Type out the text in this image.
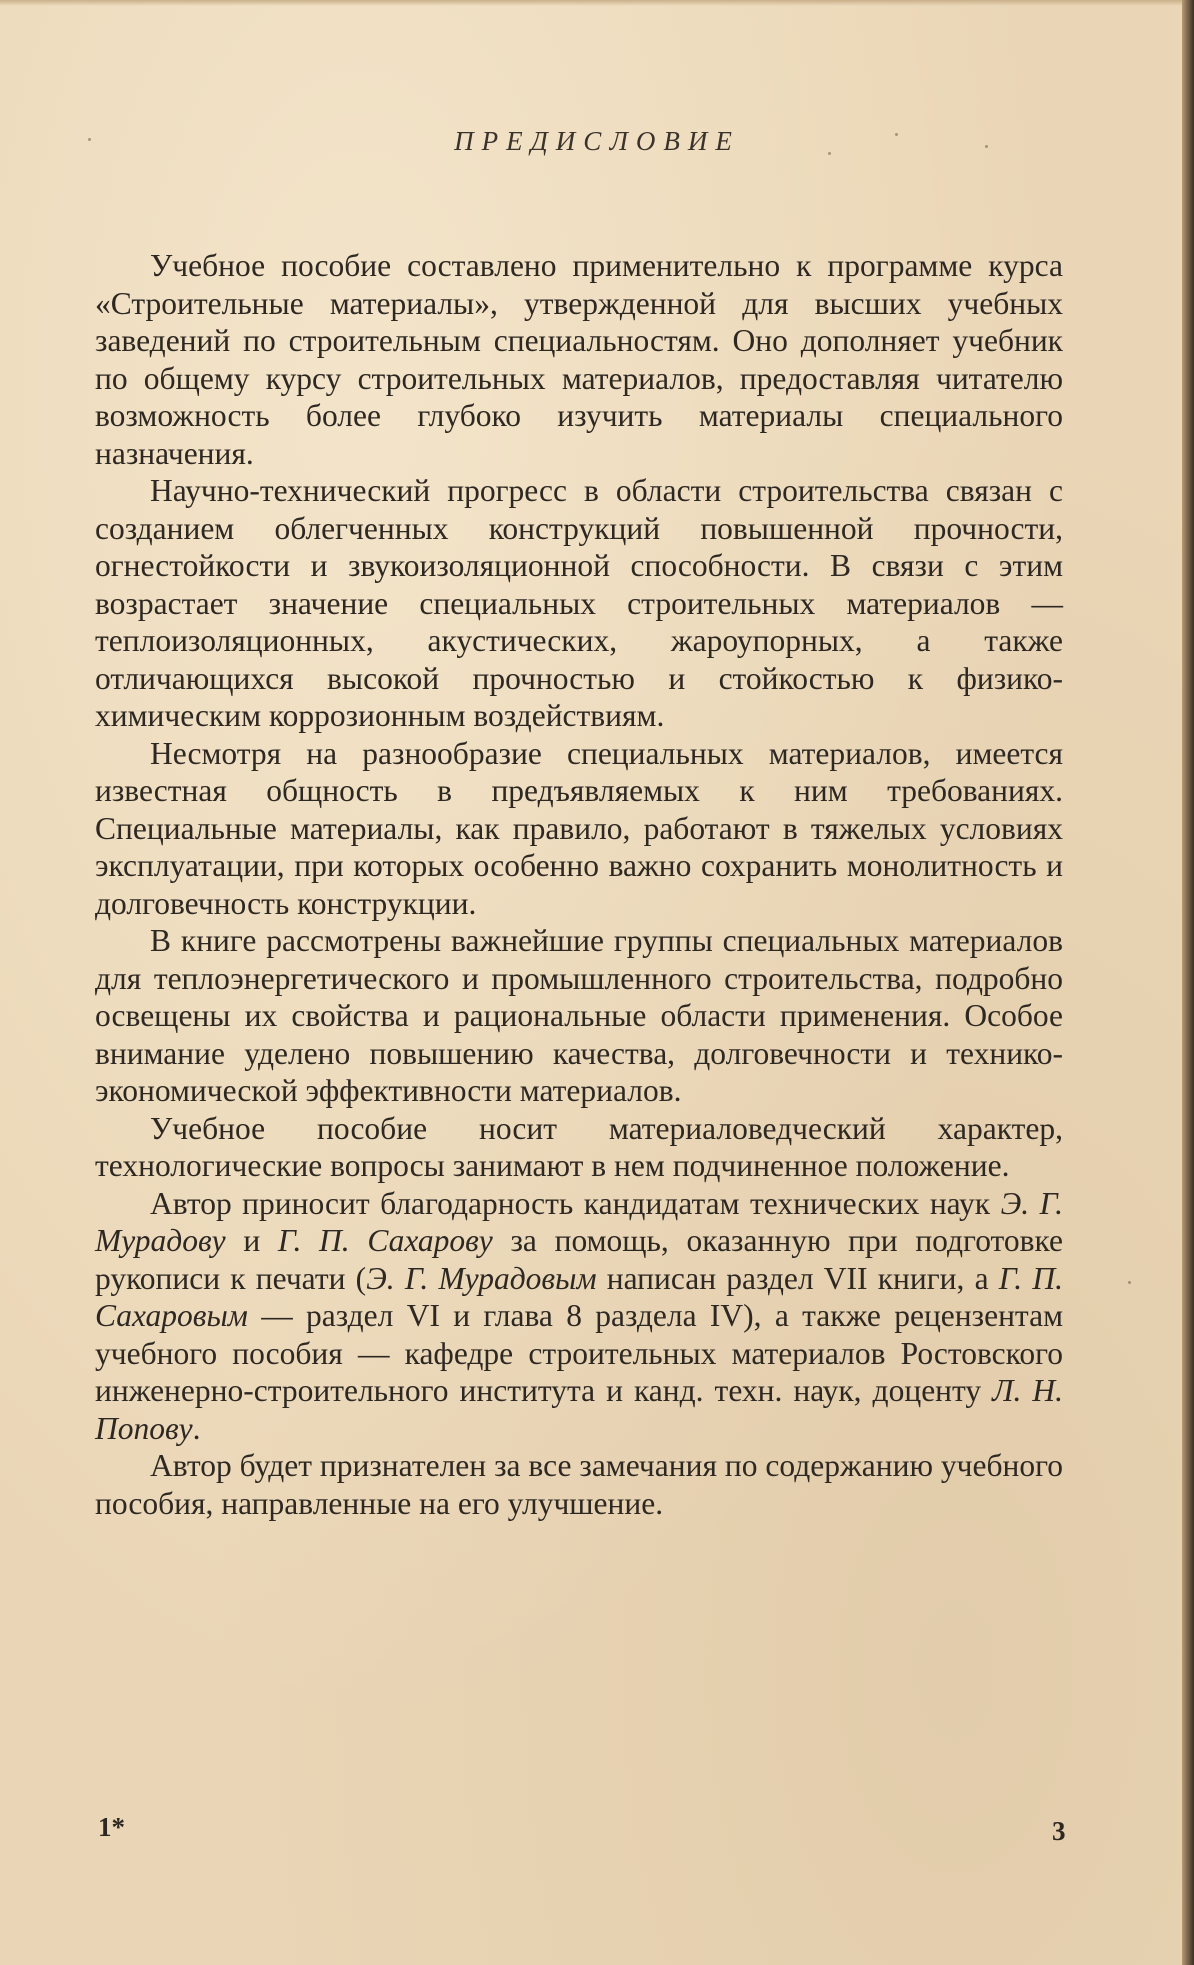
ПРЕДИСЛОВИЕ

Учебное пособие составлено применительно к программе курса «Строительные материалы», утвержденной для высших учебных заведений по строительным специальностям. Оно дополняет учебник по общему курсу строительных материалов, предоставляя читателю возможность более глубоко изучить материалы специального назначения.

Научно-технический прогресс в области строительства связан с созданием облегченных конструкций повышенной прочности, огнестойкости и звукоизоляционной способности. В связи с этим возрастает значение специальных строительных материалов — теплоизоляционных, акустических, жароупорных, а также отличающихся высокой прочностью и стойкостью к физико-химическим коррозионным воздействиям.

Несмотря на разнообразие специальных материалов, имеется известная общность в предъявляемых к ним требованиях. Специальные материалы, как правило, работают в тяжелых условиях эксплуатации, при которых особенно важно сохранить монолитность и долговечность конструкции.

В книге рассмотрены важнейшие группы специальных материалов для теплоэнергетического и промышленного строительства, подробно освещены их свойства и рациональные области применения. Особое внимание уделено повышению качества, долговечности и технико-экономической эффективности материалов.

Учебное пособие носит материаловедческий характер, технологические вопросы занимают в нем подчиненное положение.

Автор приносит благодарность кандидатам технических наук Э. Г. Мурадову и Г. П. Сахарову за помощь, оказанную при подготовке рукописи к печати (Э. Г. Мурадовым написан раздел VII книги, а Г. П. Сахаровым — раздел VI и глава 8 раздела IV), а также рецензентам учебного пособия — кафедре строительных материалов Ростовского инженерно-строительного института и канд. техн. наук, доценту Л. Н. Попову.

Автор будет признателен за все замечания по содержанию учебного пособия, направленные на его улучшение.

1*	3
